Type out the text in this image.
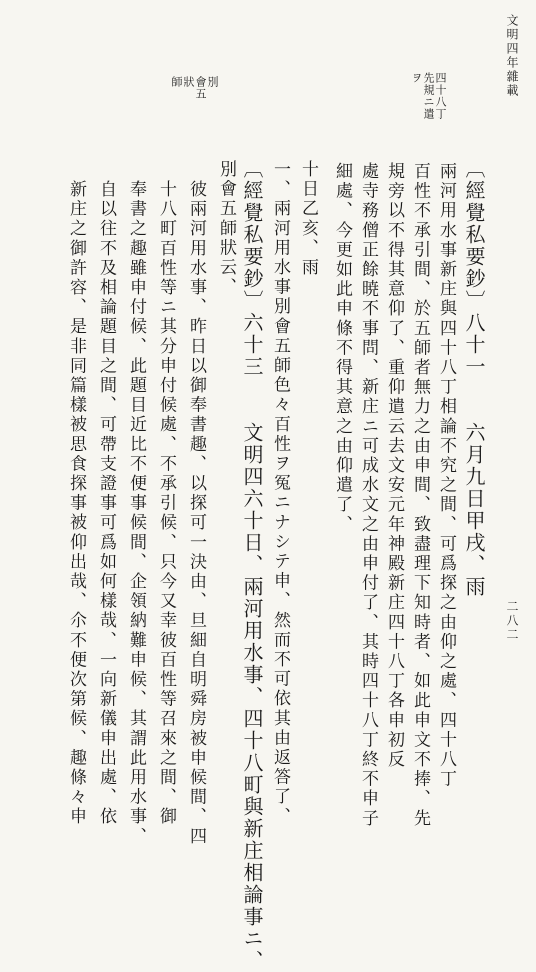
文明四年雜載
二八二
四十八丁
先規ニ遣
ヲ
別
會五
狀
師
〔經覺私要鈔〕八十一　　六月九日甲戌、雨
兩河用水事新庄與四十八丁相論不究之間、可爲探之由仰之處、四十八丁
百性不承引間、於五師者無力之由申間、致盡理下知時者、如此申文不捧、先
規旁以不得其意仰了、重仰遣云去文安元年神殿新庄四十八丁各申初反
處寺務僧正餘暁不事問、新庄ニ可成水文之由申付了、其時四十八丁終不申子
細處、今更如此申條不得其意之由仰遣了、
十日乙亥、雨
一、兩河用水事別會五師色々百性ヲ冤ニナシテ申、然而不可依其由返答了、
〔經覺私要鈔〕六十三　　文明四六十日、兩河用水事、四十八町與新庄相論事ニ、
別會五師狀云、
彼兩河用水事、昨日以御奉書趣、以探可一決由、旦細自明舜房被申候間、四
十八町百性等ニ其分申付候處、不承引候、只今又幸彼百性等召來之間、御
奉書之趣雖申付候、此題目近比不便事候間、企領納難申候、其謂此用水事、
自以往不及相論題目之間、可帶支證事可爲如何樣哉、一向新儀申出處、依
新庄之御許容、是非同篇樣被思食探事被仰出哉、尒不便次第候、趣條々申
